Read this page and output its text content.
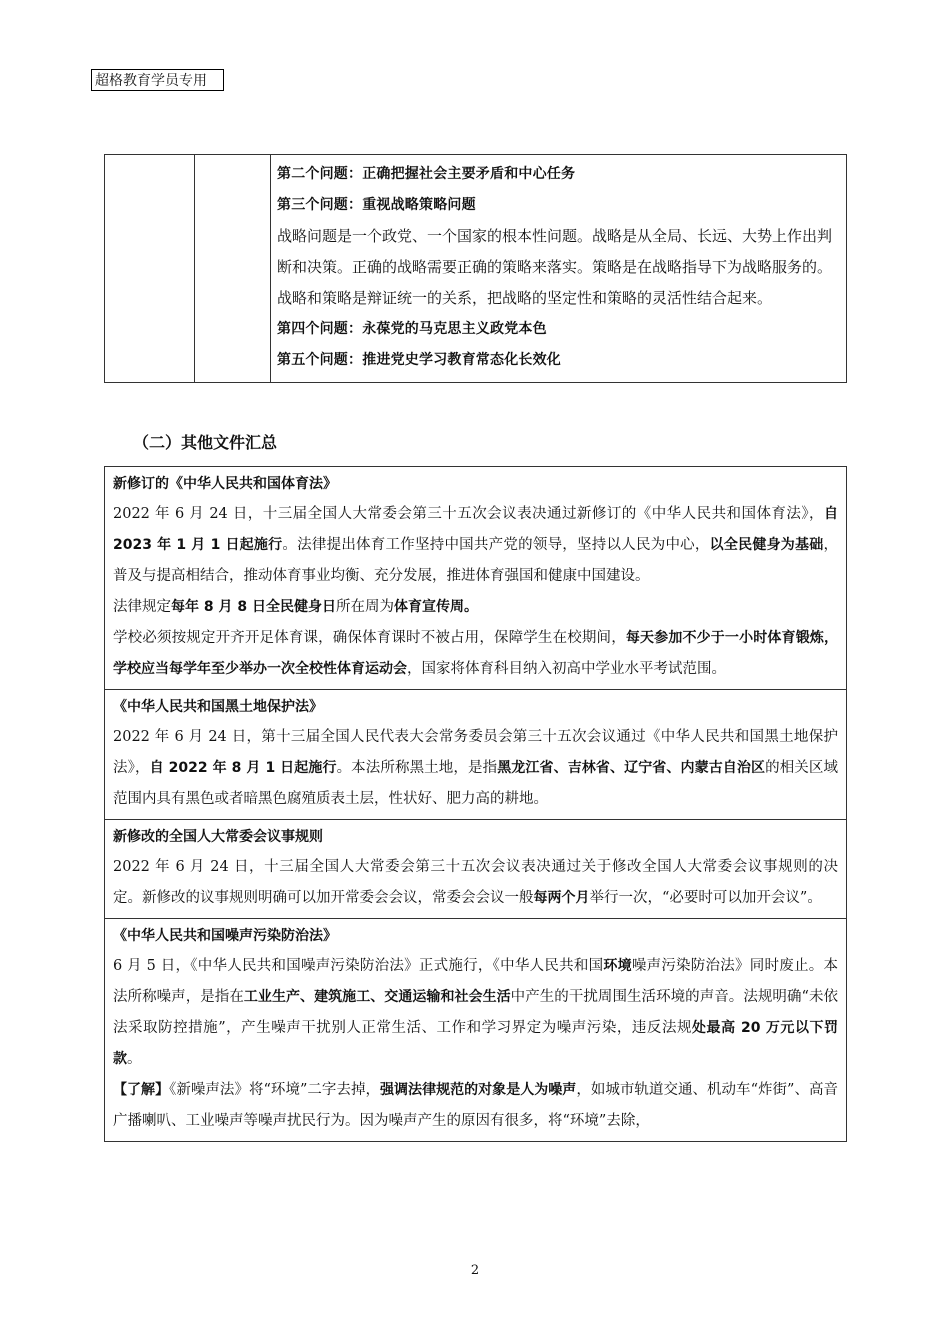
超格教育学员专用

第二个问题：正确把握社会主要矛盾和中心任务
第三个问题：重视战略策略问题
战略问题是一个政党、一个国家的根本性问题。战略是从全局、长远、大势上作出判断和决策。正确的战略需要正确的策略来落实。策略是在战略指导下为战略服务的。战略和策略是辩证统一的关系，把战略的坚定性和策略的灵活性结合起来。
第四个问题：永葆党的马克思主义政党本色
第五个问题：推进党史学习教育常态化长效化
（二）其他文件汇总
新修订的《中华人民共和国体育法》
2022 年 6 月 24 日，十三届全国人大常委会第三十五次会议表决通过新修订的《中华人民共和国体育法》，自 2023 年 1 月 1 日起施行。法律提出体育工作坚持中国共产党的领导，坚持以人民为中心，以全民健身为基础，普及与提高相结合，推动体育事业均衡、充分发展，推进体育强国和健康中国建设。
法律规定每年 8 月 8 日全民健身日所在周为体育宣传周。
学校必须按规定开齐开足体育课，确保体育课时不被占用，保障学生在校期间，每天参加不少于一小时体育锻炼，学校应当每学年至少举办一次全校性体育运动会，国家将体育科目纳入初高中学业水平考试范围。

《中华人民共和国黑土地保护法》
2022 年 6 月 24 日，第十三届全国人民代表大会常务委员会第三十五次会议通过《中华人民共和国黑土地保护法》，自 2022 年 8 月 1 日起施行。本法所称黑土地，是指黑龙江省、吉林省、辽宁省、内蒙古自治区的相关区域范围内具有黑色或者暗黑色腐殖质表土层，性状好、肥力高的耕地。

新修改的全国人大常委会议事规则
2022 年 6 月 24 日，十三届全国人大常委会第三十五次会议表决通过关于修改全国人大常委会议事规则的决定。新修改的议事规则明确可以加开常委会会议，常委会会议一般每两个月举行一次，“必要时可以加开会议”。

《中华人民共和国噪声污染防治法》
6 月 5 日，《中华人民共和国噪声污染防治法》正式施行，《中华人民共和国环境噪声污染防治法》同时废止。本法所称噪声，是指在工业生产、建筑施工、交通运输和社会生活中产生的干扰周围生活环境的声音。法规明确“未依法采取防控措施”，产生噪声干扰别人正常生活、工作和学习界定为噪声污染，违反法规处最高 20 万元以下罚款。
【了解】《新噪声法》将“环境”二字去掉，强调法律规范的对象是人为噪声，如城市轨道交通、机动车“炸街”、高音广播喇叭、工业噪声等噪声扰民行为。因为噪声产生的原因有很多，将“环境”去除，
2
